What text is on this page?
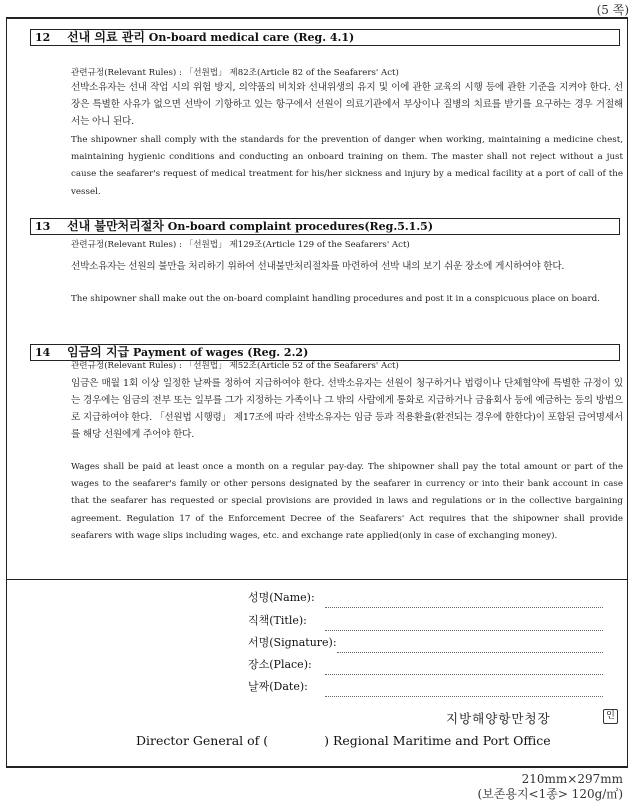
(5 쪽)
12	선내 의료 관리 On-board medical care (Reg. 4.1)
관련규정(Relevant Rules) : 「선원법」 제82조(Article 82 of the Seafarers' Act)
선박소유자는 선내 작업 시의 위험 방지, 의약품의 비치와 선내위생의 유지 및 이에 관한 교육의 시행 등에 관한 기준을 지켜야 한다. 선장은 특별한 사유가 없으면 선박이 기항하고 있는 항구에서 선원이 의료기관에서 부상이나 질병의 치료를 받기를 요구하는 경우 거절해서는 아니 된다.
The shipowner shall comply with the standards for the prevention of danger when working, maintaining a medicine chest, maintaining hygienic conditions and conducting an onboard training on them. The master shall not reject without a just cause the seafarer's request of medical treatment for his/her sickness and injury by a medical facility at a port of call of the vessel.
13	선내 불만처리절차 On-board complaint procedures(Reg.5.1.5)
관련규정(Relevant Rules) : 「선원법」 제129조(Article 129 of the Seafarers' Act)
선박소유자는 선원의 불만을 처리하기 위하여 선내불만처리절차를 마련하여 선박 내의 보기 쉬운 장소에 게시하여야 한다.
The shipowner shall make out the on-board complaint handling procedures and post it in a conspicuous place on board.
14	임금의 지급 Payment of wages (Reg. 2.2)
관련규정(Relevant Rules) : 「선원법」 제52조(Article 52 of the Seafarers' Act)
임금은 매월 1회 이상 일정한 날짜를 정하여 지급하여야 한다. 선박소유자는 선원이 청구하거나 법령이나 단체협약에 특별한 규정이 있는 경우에는 임금의 전부 또는 일부를 그가 지정하는 가족이나 그 밖의 사람에게 통화로 지급하거나 금융회사 등에 예금하는 등의 방법으로 지급하여야 한다. 「선원법 시행령」 제17조에 따라 선박소유자는 임금 등과 적용환율(환전되는 경우에 한한다)이 포함된 급여명세서를 해당 선원에게 주어야 한다.
Wages shall be paid at least once a month on a regular pay-day. The shipowner shall pay the total amount or part of the wages to the seafarer's family or other persons designated by the seafarer in currency or into their bank account in case that the seafarer has requested or special provisions are provided in laws and regulations or in the collective bargaining agreement. Regulation 17 of the Enforcement Decree of the Seafarers' Act requires that the shipowner shall provide seafarers with wage slips including wages, etc. and exchange rate applied(only in case of exchanging money).
성명(Name):
직책(Title):
서명(Signature):
장소(Place):
날짜(Date):
지방해양항만청장	인
Director General of (	) Regional Maritime and Port Office
210mm×297mm
(보존용지<1종> 120g/㎡)
